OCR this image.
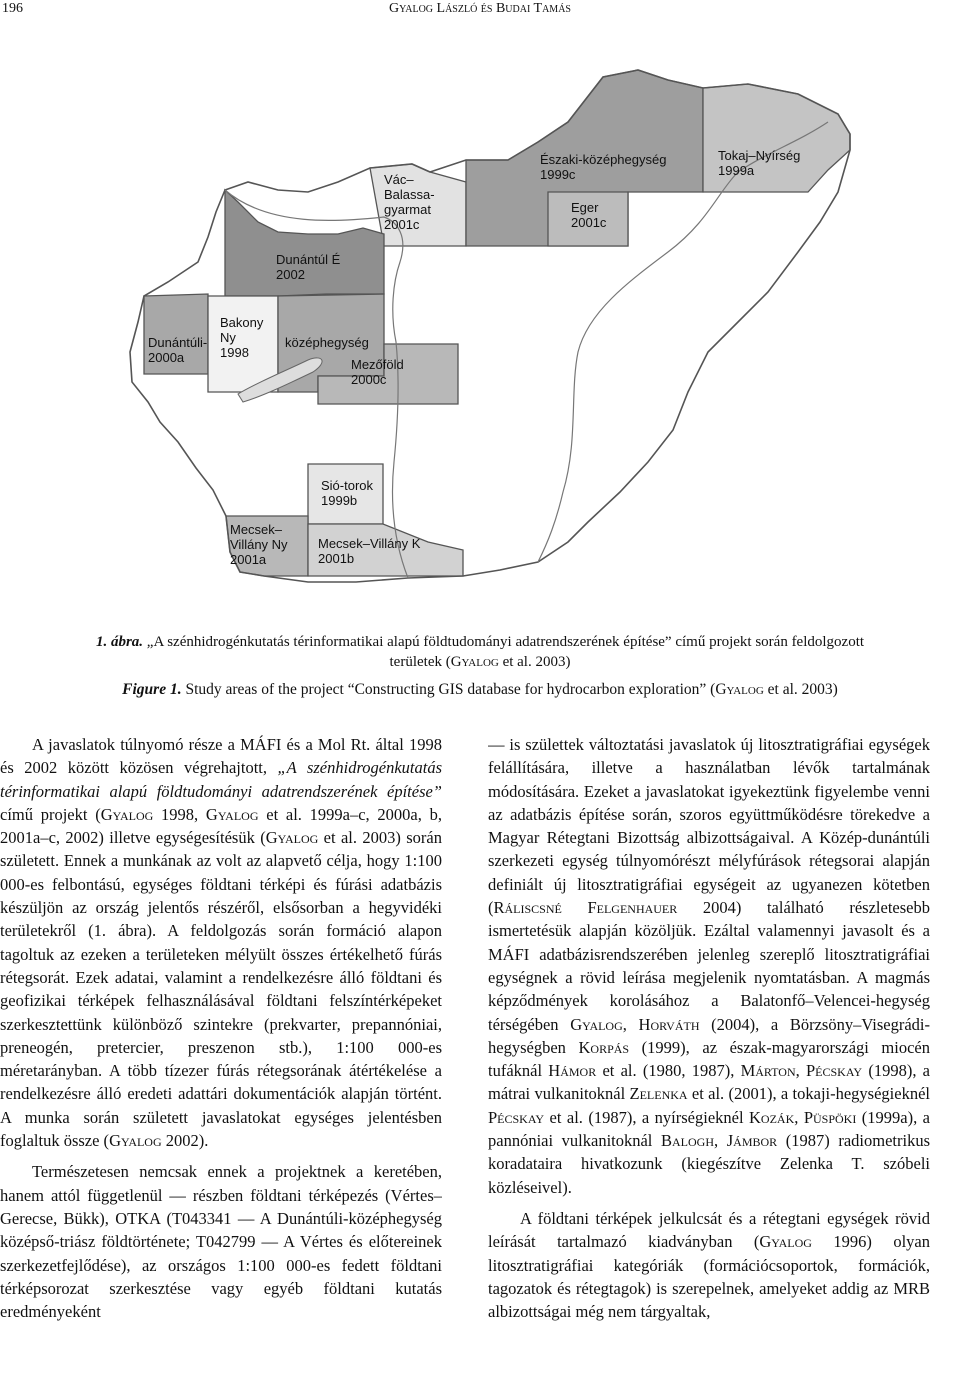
196	Gyalog László és Budai Tamás
Vác– Balassa-gyarmat 2001c
Északi-középhegység 1999c
Tokaj–Nyírség 1999a
Eger 2001c
Dunántúl É 2002
Dunántúli-2000a
Bakony Ny 1998
középhegység
Mezőföld 2000c
Sió-torok 1999b
Mecsek– Villány Ny 2001a
Mecsek–Villány K 2001b
1. ábra. „A szénhidrogénkutatás térinformatikai alapú földtudományi adatrendszerének építése” című projekt során feldolgozott
területek (Gyalog et al. 2003)
Figure 1. Study areas of the project “Constructing GIS database for hydrocarbon exploration” (Gyalog et al. 2003)

A javaslatok túlnyomó része a MÁFI és a Mol Rt. által 1998 és 2002 között közösen végrehajtott, „A szénhidrogénkutatás térinformatikai alapú földtudományi adatrendszerének építése” című projekt (Gyalog 1998, Gyalog et al. 1999a–c, 2000a, b, 2001a–c, 2002) illetve egységesítésük (Gyalog et al. 2003) során született. Ennek a munkának az volt az alapvető célja, hogy 1:100 000-es felbontású, egységes földtani térképi és fúrási adatbázis készüljön az ország jelentős részéről, elsősorban a hegyvidéki területekről (1. ábra). A feldolgozás során formáció alapon tagoltuk az ezeken a területeken mélyült összes értékelhető fúrás rétegsorát. Ezek adatai, valamint a rendelkezésre álló földtani és geofizikai térképek felhasználásával földtani felszíntérképeket szerkesztettünk különböző szintekre (prekvarter, prepannóniai, preneogén, pretercier, preszenon stb.), 1:100 000-es méretarányban. A több tízezer fúrás rétegsorának átértékelése a rendelkezésre álló eredeti adattári dokumentációk alapján történt. A munka során született javaslatokat egységes jelentésben foglaltuk össze (Gyalog 2002).

Természetesen nemcsak ennek a projektnek a keretében, hanem attól függetlenül — részben földtani térképezés (Vértes–Gerecse, Bükk), OTKA (T043341 — A Dunántúli-középhegység középső-triász földtörténete; T042799 — A Vértes és előtereinek szerkezetfejlődése), az országos 1:100 000-es fedett földtani térképsorozat szerkesztése vagy egyéb földtani kutatás eredményeként

— is születtek változtatási javaslatok új litosztratigráfiai egységek felállítására, illetve a használatban lévők tartalmának módosítására. Ezeket a javaslatokat igyekeztünk figyelembe venni az adatbázis építése során, szoros együttműködésre törekedve a Magyar Rétegtani Bizottság albizottságaival. A Közép-dunántúli szerkezeti egység túlnyomórészt mélyfúrások rétegsorai alapján definiált új litosztratigráfiai egységeit az ugyanezen kötetben (Ráliscsné Felgenhauer 2004) található részletesebb ismertetésük alapján közöljük. Ezáltal valamennyi javasolt és a MÁFI adatbázisrendszerében jelenleg szereplő litosztratigráfiai egységnek a rövid leírása megjelenik nyomtatásban. A magmás képződmények korolásához a Balatonfő–Velencei-hegység térségében Gyalog, Horváth (2004), a Börzsöny–Visegrádi-hegységben Korpás (1999), az észak-magyarországi miocén tufáknál Hámor et al. (1980, 1987), Márton, Pécskay (1998), a mátrai vulkanitoknál Zelenka et al. (2001), a tokaji-hegységieknél Pécskay et al. (1987), a nyírségieknél Kozák, Püspöki (1999a), a pannóniai vulkanitoknál Balogh, Jámbor (1987) radiometrikus koradataira hivatkozunk (kiegészítve Zelenka T. szóbeli közléseivel).

A földtani térképek jelkulcsát és a rétegtani egységek rövid leírását tartalmazó kiadványban (Gyalog 1996) olyan litosztratigráfiai kategóriák (formációcsoportok, formációk, tagozatok és rétegtagok) is szerepelnek, amelyeket addig az MRB albizottságai még nem tárgyaltak,
